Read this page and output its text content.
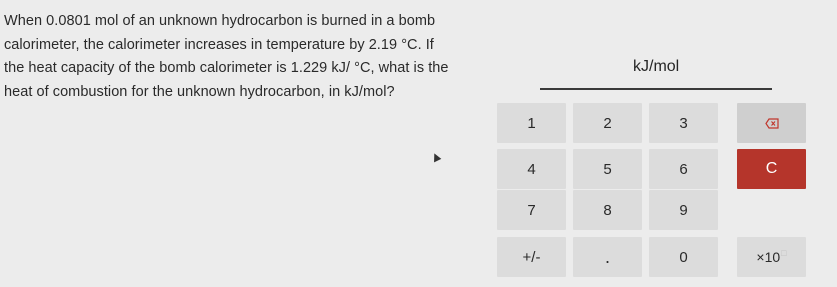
When 0.0801 mol of an unknown hydrocarbon is burned in a bomb
calorimeter, the calorimeter increases in temperature by 2.19 °C. If
the heat capacity of the bomb calorimeter is 1.229 kJ/ °C, what is the
heat of combustion for the unknown hydrocarbon, in kJ/mol?
kJ/mol
1	2	3
4	5	6	C
7	8	9
+/-	.	0	×10□
